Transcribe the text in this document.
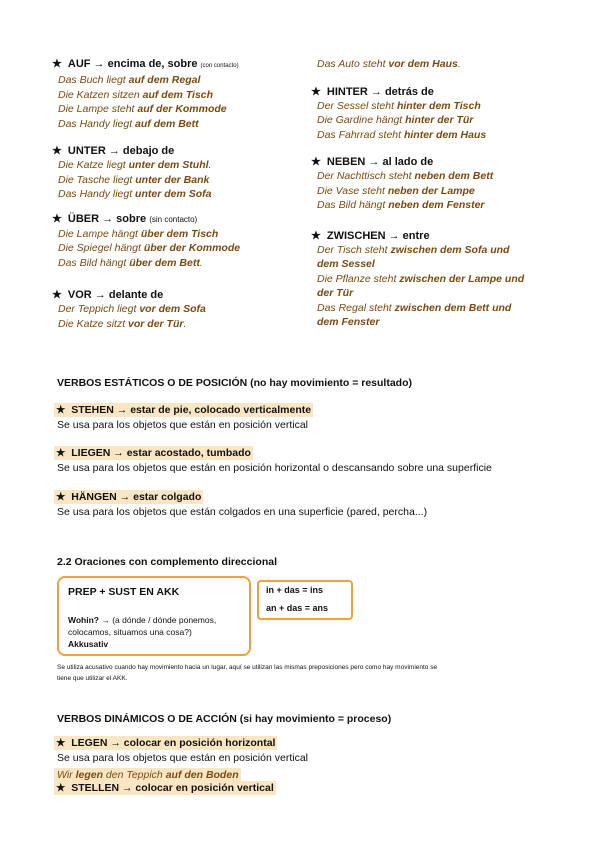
★ AUF → encima de, sobre (con contacto)
Das Buch liegt auf dem Regal
Die Katzen sitzen auf dem Tisch
Die Lampe steht auf der Kommode
Das Handy liegt auf dem Bett
★ UNTER → debajo de
Die Katze liegt unter dem Stuhl.
Die Tasche liegt unter der Bank
Das Handy liegt unter dem Sofa
★ ÜBER → sobre (sin contacto)
Die Lampe hängt über dem Tisch
Die Spiegel hängt über der Kommode
Das Bild hängt über dem Bett.
★ VOR → delante de
Der Teppich liegt vor dem Sofa
Die Katze sitzt vor der Tür.
Das Auto steht vor dem Haus.
★ HINTER → detrás de
Der Sessel steht hinter dem Tisch
Die Gardine hängt hinter der Tür
Das Fahrrad steht hinter dem Haus
★ NEBEN → al lado de
Der Nachttisch steht neben dem Bett
Die Vase steht neben der Lampe
Das Bild hängt neben dem Fenster
★ ZWISCHEN → entre
Der Tisch steht zwischen dem Sofa und
dem Sessel
Die Pflanze steht zwischen der Lampe und
der Tür
Das Regal steht zwischen dem Bett und
dem Fenster
VERBOS ESTÁTICOS O DE POSICIÓN (no hay movimiento = resultado)
★ STEHEN → estar de pie, colocado verticalmente
Se usa para los objetos que están en posición vertical
★ LIEGEN → estar acostado, tumbado
Se usa para los objetos que están en posición horizontal o descansando sobre una superficie
★ HÄNGEN → estar colgado
Se usa para los objetos que están colgados en una superficie (pared, percha...)
2.2 Oraciones con complemento direccional
PREP + SUST EN AKK
Wohin? → (a dónde / dónde ponemos,
colocamos, situamos una cosa?)
Akkusativ
in + das = ins
an + das = ans
Se utiliza acusativo cuando hay movimiento hacia un lugar, aquí se utilizan las mismas preposiciones pero como hay movimiento se
tiene que utilizar el AKK.
VERBOS DINÁMICOS O DE ACCIÓN (si hay movimiento = proceso)
★ LEGEN → colocar en posición horizontal
Se usa para los objetos que están en posición vertical
Wir legen den Teppich auf den Boden
★ STELLEN → colocar en posición vertical
